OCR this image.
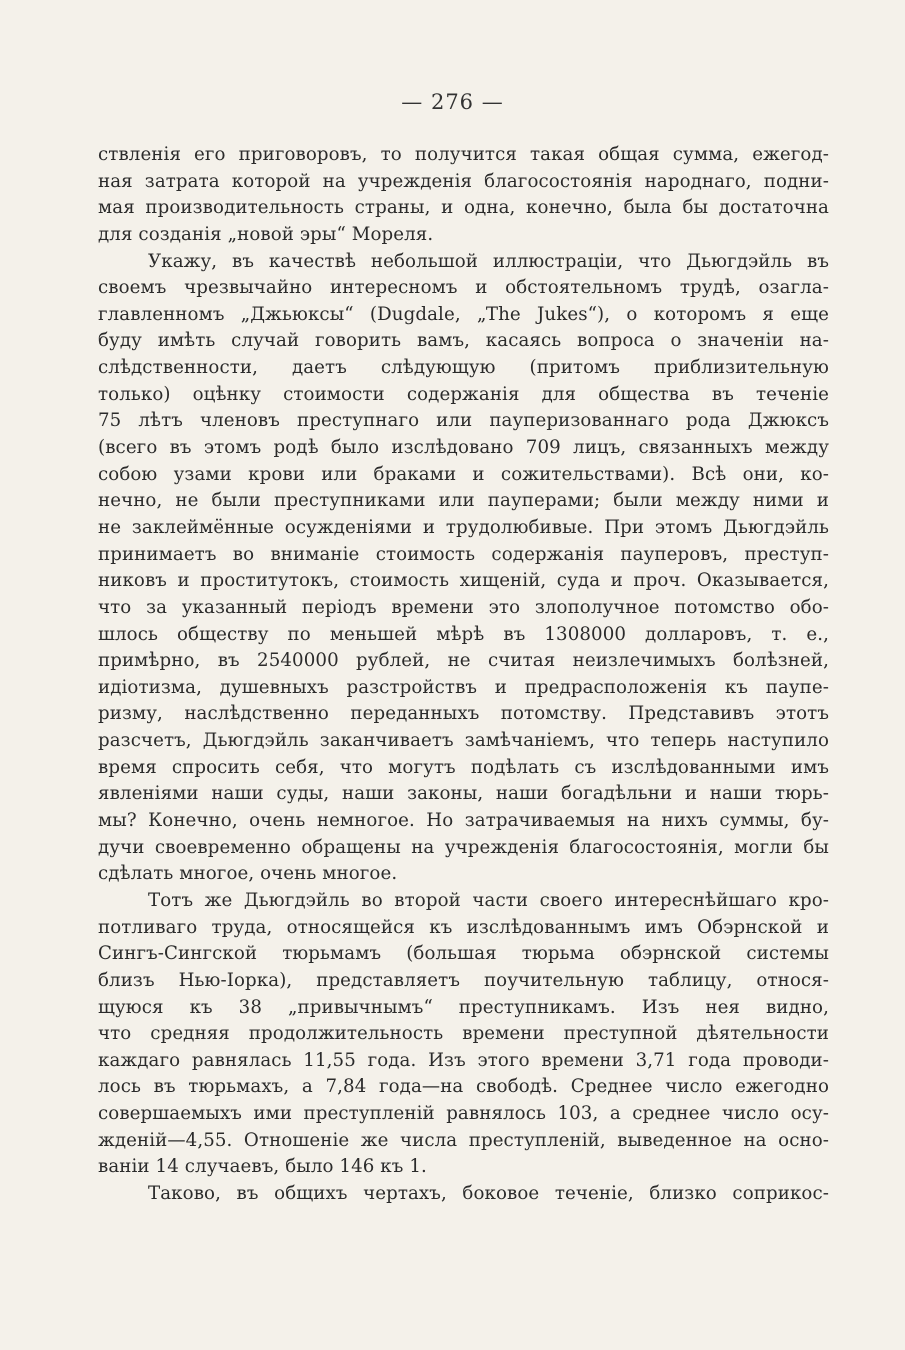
— 276 —
ствленія его приговоровъ, то получится такая общая сумма, ежегод-
ная затрата которой на учрежденія благосостоянія народнаго, подни-
мая производительность страны, и одна, конечно, была бы достаточна
для созданія „новой эры“ Мореля.
Укажу, въ качествѣ небольшой иллюстраціи, что Дьюгдэйль въ
своемъ чрезвычайно интересномъ и обстоятельномъ трудѣ, озагла-
главленномъ „Джьюксы“ (Dugdale, „The Jukes“), о которомъ я еще
буду имѣть случай говорить вамъ, касаясь вопроса о значеніи на-
слѣдственности, даетъ слѣдующую (притомъ приблизительную
только) оцѣнку стоимости содержанія для общества въ теченіе
75 лѣтъ членовъ преступнаго или пауперизованнаго рода Джюксъ
(всего въ этомъ родѣ было изслѣдовано 709 лицъ, связанныхъ между
собою узами крови или браками и сожительствами). Всѣ они, ко-
нечно, не были преступниками или пауперами; были между ними и
не заклеймённые осужденіями и трудолюбивые. При этомъ Дьюгдэйль
принимаетъ во вниманіе стоимость содержанія пауперовъ, преступ-
никовъ и проститутокъ, стоимость хищеній, суда и проч. Оказывается,
что за указанный періодъ времени это злополучное потомство обо-
шлось обществу по меньшей мѣрѣ въ 1308000 долларовъ, т. е.,
примѣрно, въ 2540000 рублей, не считая неизлечимыхъ болѣзней,
идіотизма, душевныхъ разстройствъ и предрасположенія къ паупе-
ризму, наслѣдственно переданныхъ потомству. Представивъ этотъ
разсчетъ, Дьюгдэйль заканчиваетъ замѣчаніемъ, что теперь наступило
время спросить себя, что могутъ подѣлать съ изслѣдованными имъ
явленіями наши суды, наши законы, наши богадѣльни и наши тюрь-
мы? Конечно, очень немногое. Но затрачиваемыя на нихъ суммы, бу-
дучи своевременно обращены на учрежденія благосостоянія, могли бы
сдѣлать многое, очень многое.
Тотъ же Дьюгдэйль во второй части своего интереснѣйшаго кро-
потливаго труда, относящейся къ изслѣдованнымъ имъ Обэрнской и
Сингъ-Сингской тюрьмамъ (большая тюрьма обэрнской системы
близъ Нью-Іорка), представляетъ поучительную таблицу, относя-
щуюся къ 38 „привычнымъ“ преступникамъ. Изъ нея видно,
что средняя продолжительность времени преступной дѣятельности
каждаго равнялась 11,55 года. Изъ этого времени 3,71 года проводи-
лось въ тюрьмахъ, а 7,84 года—на свободѣ. Среднее число ежегодно
совершаемыхъ ими преступленій равнялось 103, а среднее число осу-
жденій—4,55. Отношеніе же числа преступленій, выведенное на осно-
ваніи 14 случаевъ, было 146 къ 1.
Таково, въ общихъ чертахъ, боковое теченіе, близко соприкос-
